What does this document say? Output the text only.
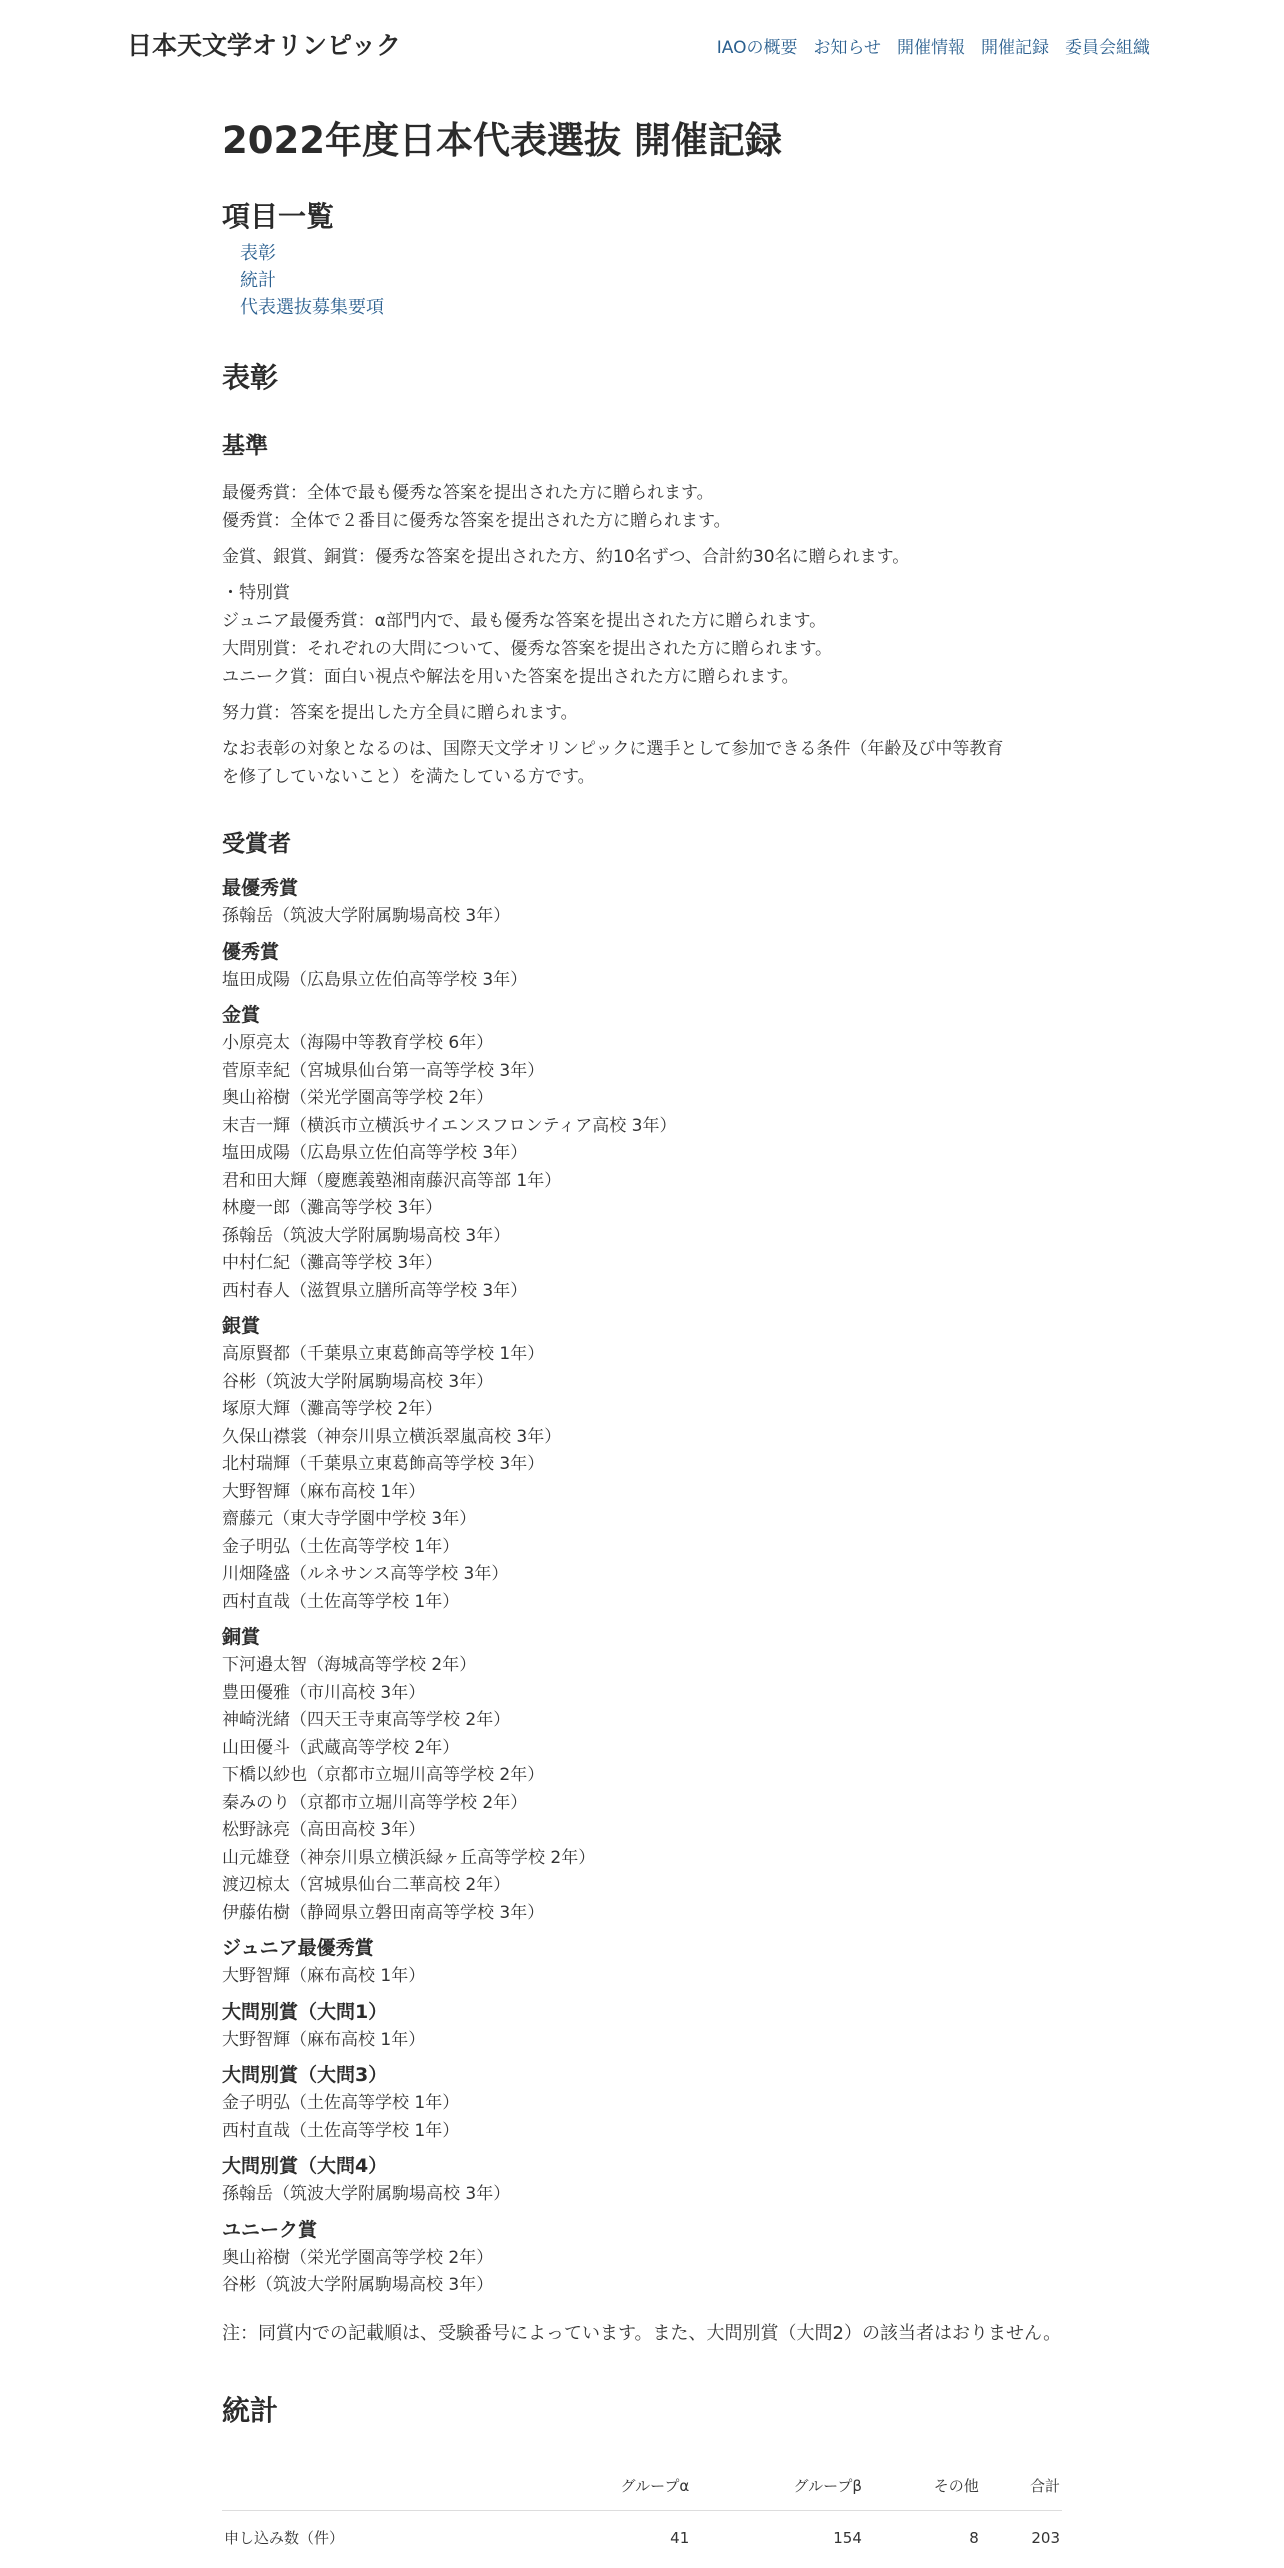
日本天文学オリンピック	IAOの概要 お知らせ 開催情報 開催記録 委員会組織
2022年度日本代表選抜 開催記録
項目一覧
表彰
統計
代表選抜募集要項
表彰
基準
最優秀賞：全体で最も優秀な答案を提出された方に贈られます。
優秀賞：全体で２番目に優秀な答案を提出された方に贈られます。
金賞、銀賞、銅賞：優秀な答案を提出された方、約10名ずつ、合計約30名に贈られます。
・特別賞
ジュニア最優秀賞：α部門内で、最も優秀な答案を提出された方に贈られます。
大問別賞：それぞれの大問について、優秀な答案を提出された方に贈られます。
ユニーク賞：面白い視点や解法を用いた答案を提出された方に贈られます。
努力賞：答案を提出した方全員に贈られます。
なお表彰の対象となるのは、国際天文学オリンピックに選手として参加できる条件（年齢及び中等教育
を修了していないこと）を満たしている方です。
受賞者
最優秀賞
孫翰岳（筑波大学附属駒場高校 3年）
優秀賞
塩田成陽（広島県立佐伯高等学校 3年）
金賞
小原亮太（海陽中等教育学校 6年）
菅原幸紀（宮城県仙台第一高等学校 3年）
奥山裕樹（栄光学園高等学校 2年）
末吉一輝（横浜市立横浜サイエンスフロンティア高校 3年）
塩田成陽（広島県立佐伯高等学校 3年）
君和田大輝（慶應義塾湘南藤沢高等部 1年）
林慶一郎（灘高等学校 3年）
孫翰岳（筑波大学附属駒場高校 3年）
中村仁紀（灘高等学校 3年）
西村春人（滋賀県立膳所高等学校 3年）
銀賞
高原賢都（千葉県立東葛飾高等学校 1年）
谷彬（筑波大学附属駒場高校 3年）
塚原大輝（灘高等学校 2年）
久保山襟裳（神奈川県立横浜翠嵐高校 3年）
北村瑞輝（千葉県立東葛飾高等学校 3年）
大野智輝（麻布高校 1年）
齋藤元（東大寺学園中学校 3年）
金子明弘（土佐高等学校 1年）
川畑隆盛（ルネサンス高等学校 3年）
西村直哉（土佐高等学校 1年）
銅賞
下河邉太智（海城高等学校 2年）
豊田優雅（市川高校 3年）
神崎洸緒（四天王寺東高等学校 2年）
山田優斗（武蔵高等学校 2年）
下橋以紗也（京都市立堀川高等学校 2年）
秦みのり（京都市立堀川高等学校 2年）
松野詠亮（高田高校 3年）
山元雄登（神奈川県立横浜緑ヶ丘高等学校 2年）
渡辺椋太（宮城県仙台二華高校 2年）
伊藤佑樹（静岡県立磐田南高等学校 3年）
ジュニア最優秀賞
大野智輝（麻布高校 1年）
大問別賞（大問1）
大野智輝（麻布高校 1年）
大問別賞（大問3）
金子明弘（土佐高等学校 1年）
西村直哉（土佐高等学校 1年）
大問別賞（大問4）
孫翰岳（筑波大学附属駒場高校 3年）
ユニーク賞
奥山裕樹（栄光学園高等学校 2年）
谷彬（筑波大学附属駒場高校 3年）
注：同賞内での記載順は、受験番号によっています。また、大問別賞（大問2）の該当者はおりません。
統計
	グループα	グループβ	その他	合計
申し込み数（件）	41	154	8	203
